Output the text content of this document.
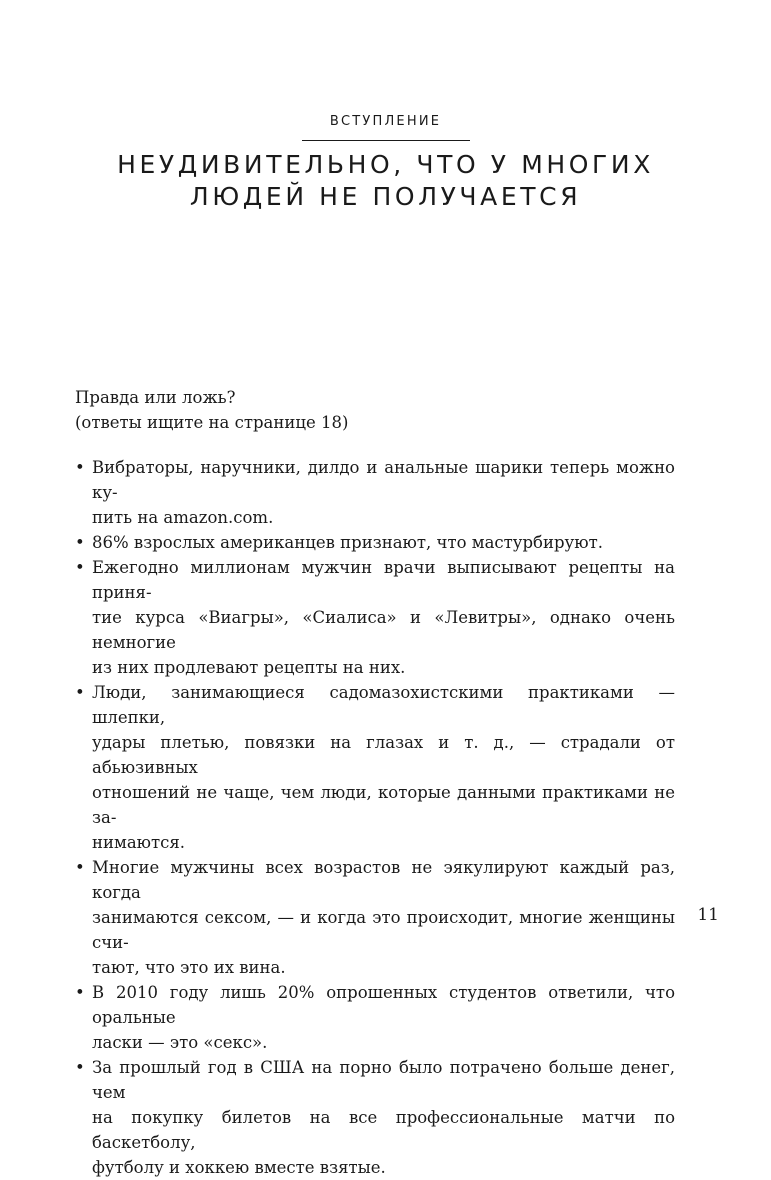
ВСТУПЛЕНИЕ
НЕУДИВИТЕЛЬНО, ЧТО У МНОГИХ
ЛЮДЕЙ НЕ ПОЛУЧАЕТСЯ

Правда или ложь?

(ответы ищите на странице 18)

• Вибраторы, наручники, дилдо и анальные шарики теперь можно ку-
пить на amazon.com.
• 86% взрослых американцев признают, что мастурбируют.
• Ежегодно миллионам мужчин врачи выписывают рецепты на приня-
тие курса «Виагры», «Сиалиса» и «Левитры», однако очень немногие
из них продлевают рецепты на них.
• Люди, занимающиеся садомазохистскими практиками — шлепки,
удары плетью, повязки на глазах и т. д., — страдали от абьюзивных
отношений не чаще, чем люди, которые данными практиками не за-
нимаются.
• Многие мужчины всех возрастов не эякулируют каждый раз, когда
занимаются сексом, — и когда это происходит, многие женщины счи-
тают, что это их вина.
• В 2010 году лишь 20% опрошенных студентов ответили, что оральные
ласки — это «секс».
• За прошлый год в США на порно было потрачено больше денег, чем
на покупку билетов на все профессиональные матчи по баскетболу,
футболу и хоккею вместе взятые.
11
